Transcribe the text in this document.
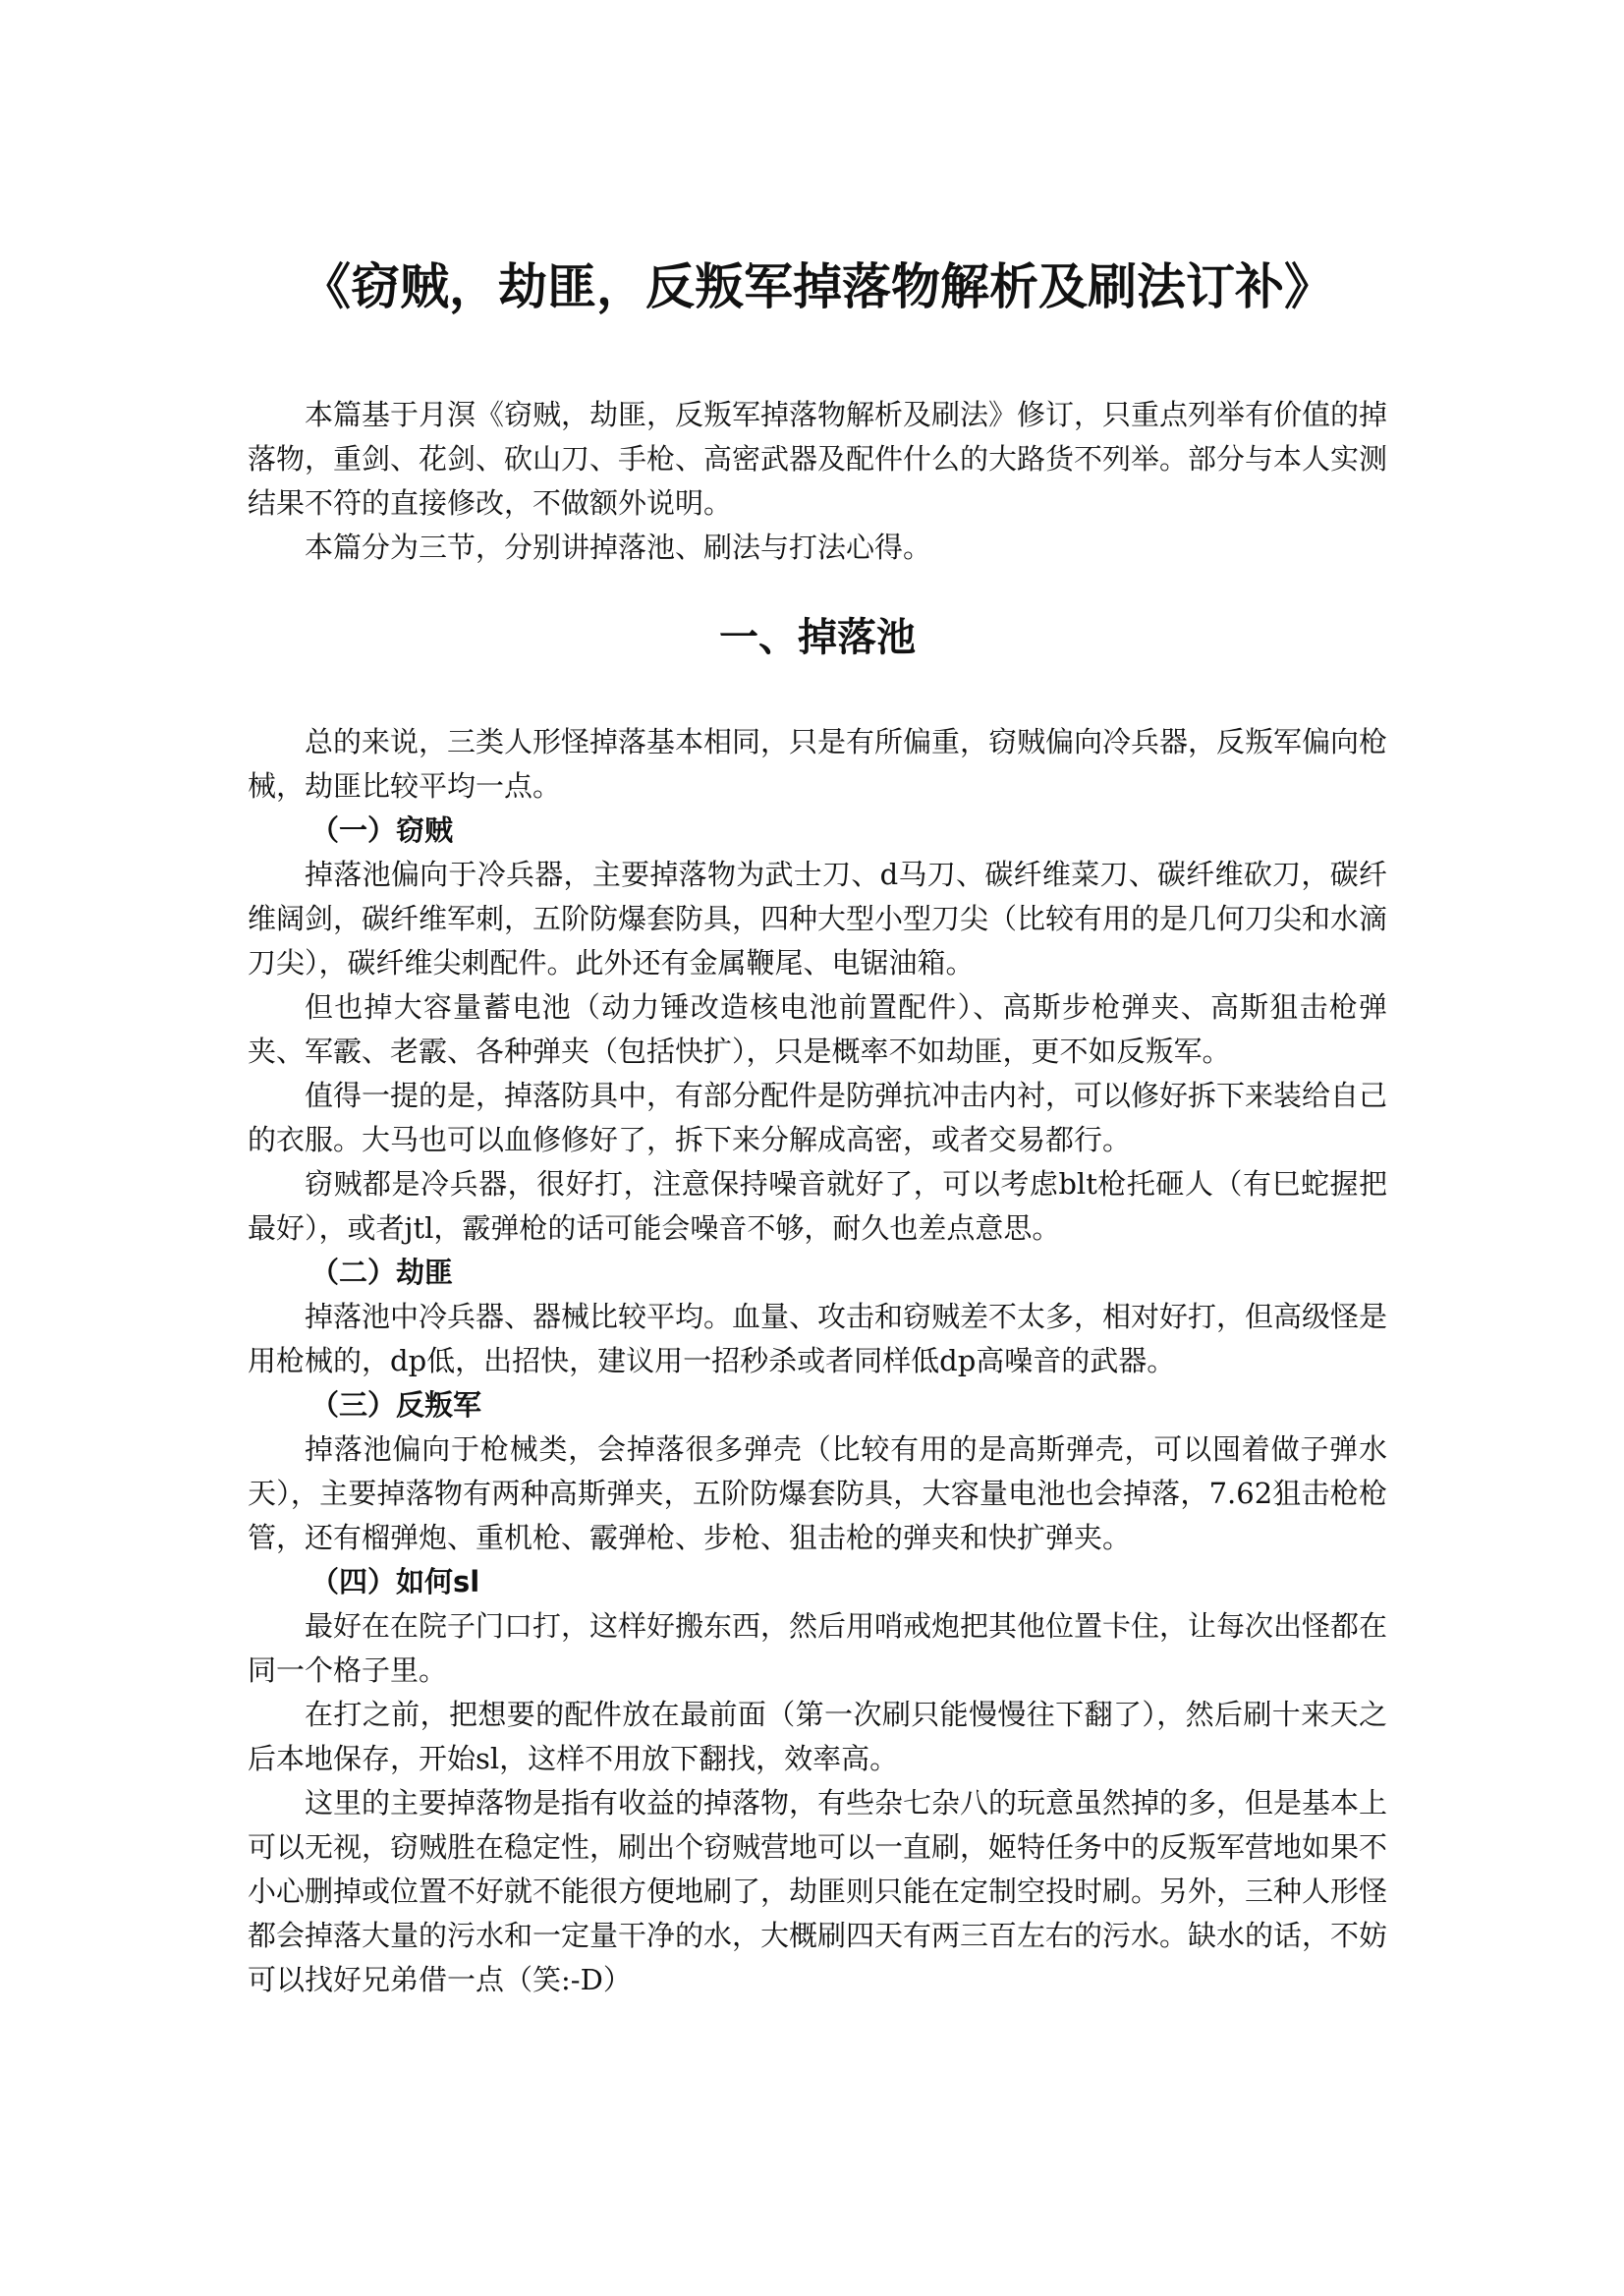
《窃贼，劫匪，反叛军掉落物解析及刷法订补》

本篇基于月溟《窃贼，劫匪，反叛军掉落物解析及刷法》修订，只重点列举有价值的掉落物，重剑、花剑、砍山刀、手枪、高密武器及配件什么的大路货不列举。部分与本人实测结果不符的直接修改，不做额外说明。

本篇分为三节，分别讲掉落池、刷法与打法心得。

一、掉落池

总的来说，三类人形怪掉落基本相同，只是有所偏重，窃贼偏向冷兵器，反叛军偏向枪械，劫匪比较平均一点。

（一）窃贼

掉落池偏向于冷兵器，主要掉落物为武士刀、d马刀、碳纤维菜刀、碳纤维砍刀，碳纤维阔剑，碳纤维军刺，五阶防爆套防具，四种大型小型刀尖（比较有用的是几何刀尖和水滴刀尖），碳纤维尖刺配件。此外还有金属鞭尾、电锯油箱。

但也掉大容量蓄电池（动力锤改造核电池前置配件）、高斯步枪弹夹、高斯狙击枪弹夹、军霰、老霰、各种弹夹（包括快扩），只是概率不如劫匪，更不如反叛军。

值得一提的是，掉落防具中，有部分配件是防弹抗冲击内衬，可以修好拆下来装给自己的衣服。大马也可以血修修好了，拆下来分解成高密，或者交易都行。

窃贼都是冷兵器，很好打，注意保持噪音就好了，可以考虑blt枪托砸人（有巳蛇握把最好），或者jtl，霰弹枪的话可能会噪音不够，耐久也差点意思。

（二）劫匪

掉落池中冷兵器、器械比较平均。血量、攻击和窃贼差不太多，相对好打，但高级怪是用枪械的，dp低，出招快，建议用一招秒杀或者同样低dp高噪音的武器。

（三）反叛军

掉落池偏向于枪械类，会掉落很多弹壳（比较有用的是高斯弹壳，可以囤着做子弹水天），主要掉落物有两种高斯弹夹，五阶防爆套防具，大容量电池也会掉落，7.62狙击枪枪管，还有榴弹炮、重机枪、霰弹枪、步枪、狙击枪的弹夹和快扩弹夹。

（四）如何sl

最好在在院子门口打，这样好搬东西，然后用哨戒炮把其他位置卡住，让每次出怪都在同一个格子里。

在打之前，把想要的配件放在最前面（第一次刷只能慢慢往下翻了），然后刷十来天之后本地保存，开始sl，这样不用放下翻找，效率高。

这里的主要掉落物是指有收益的掉落物，有些杂七杂八的玩意虽然掉的多，但是基本上可以无视，窃贼胜在稳定性，刷出个窃贼营地可以一直刷，姬特任务中的反叛军营地如果不小心删掉或位置不好就不能很方便地刷了，劫匪则只能在定制空投时刷。另外，三种人形怪都会掉落大量的污水和一定量干净的水，大概刷四天有两三百左右的污水。缺水的话，不妨可以找好兄弟借一点（笑:-D）
